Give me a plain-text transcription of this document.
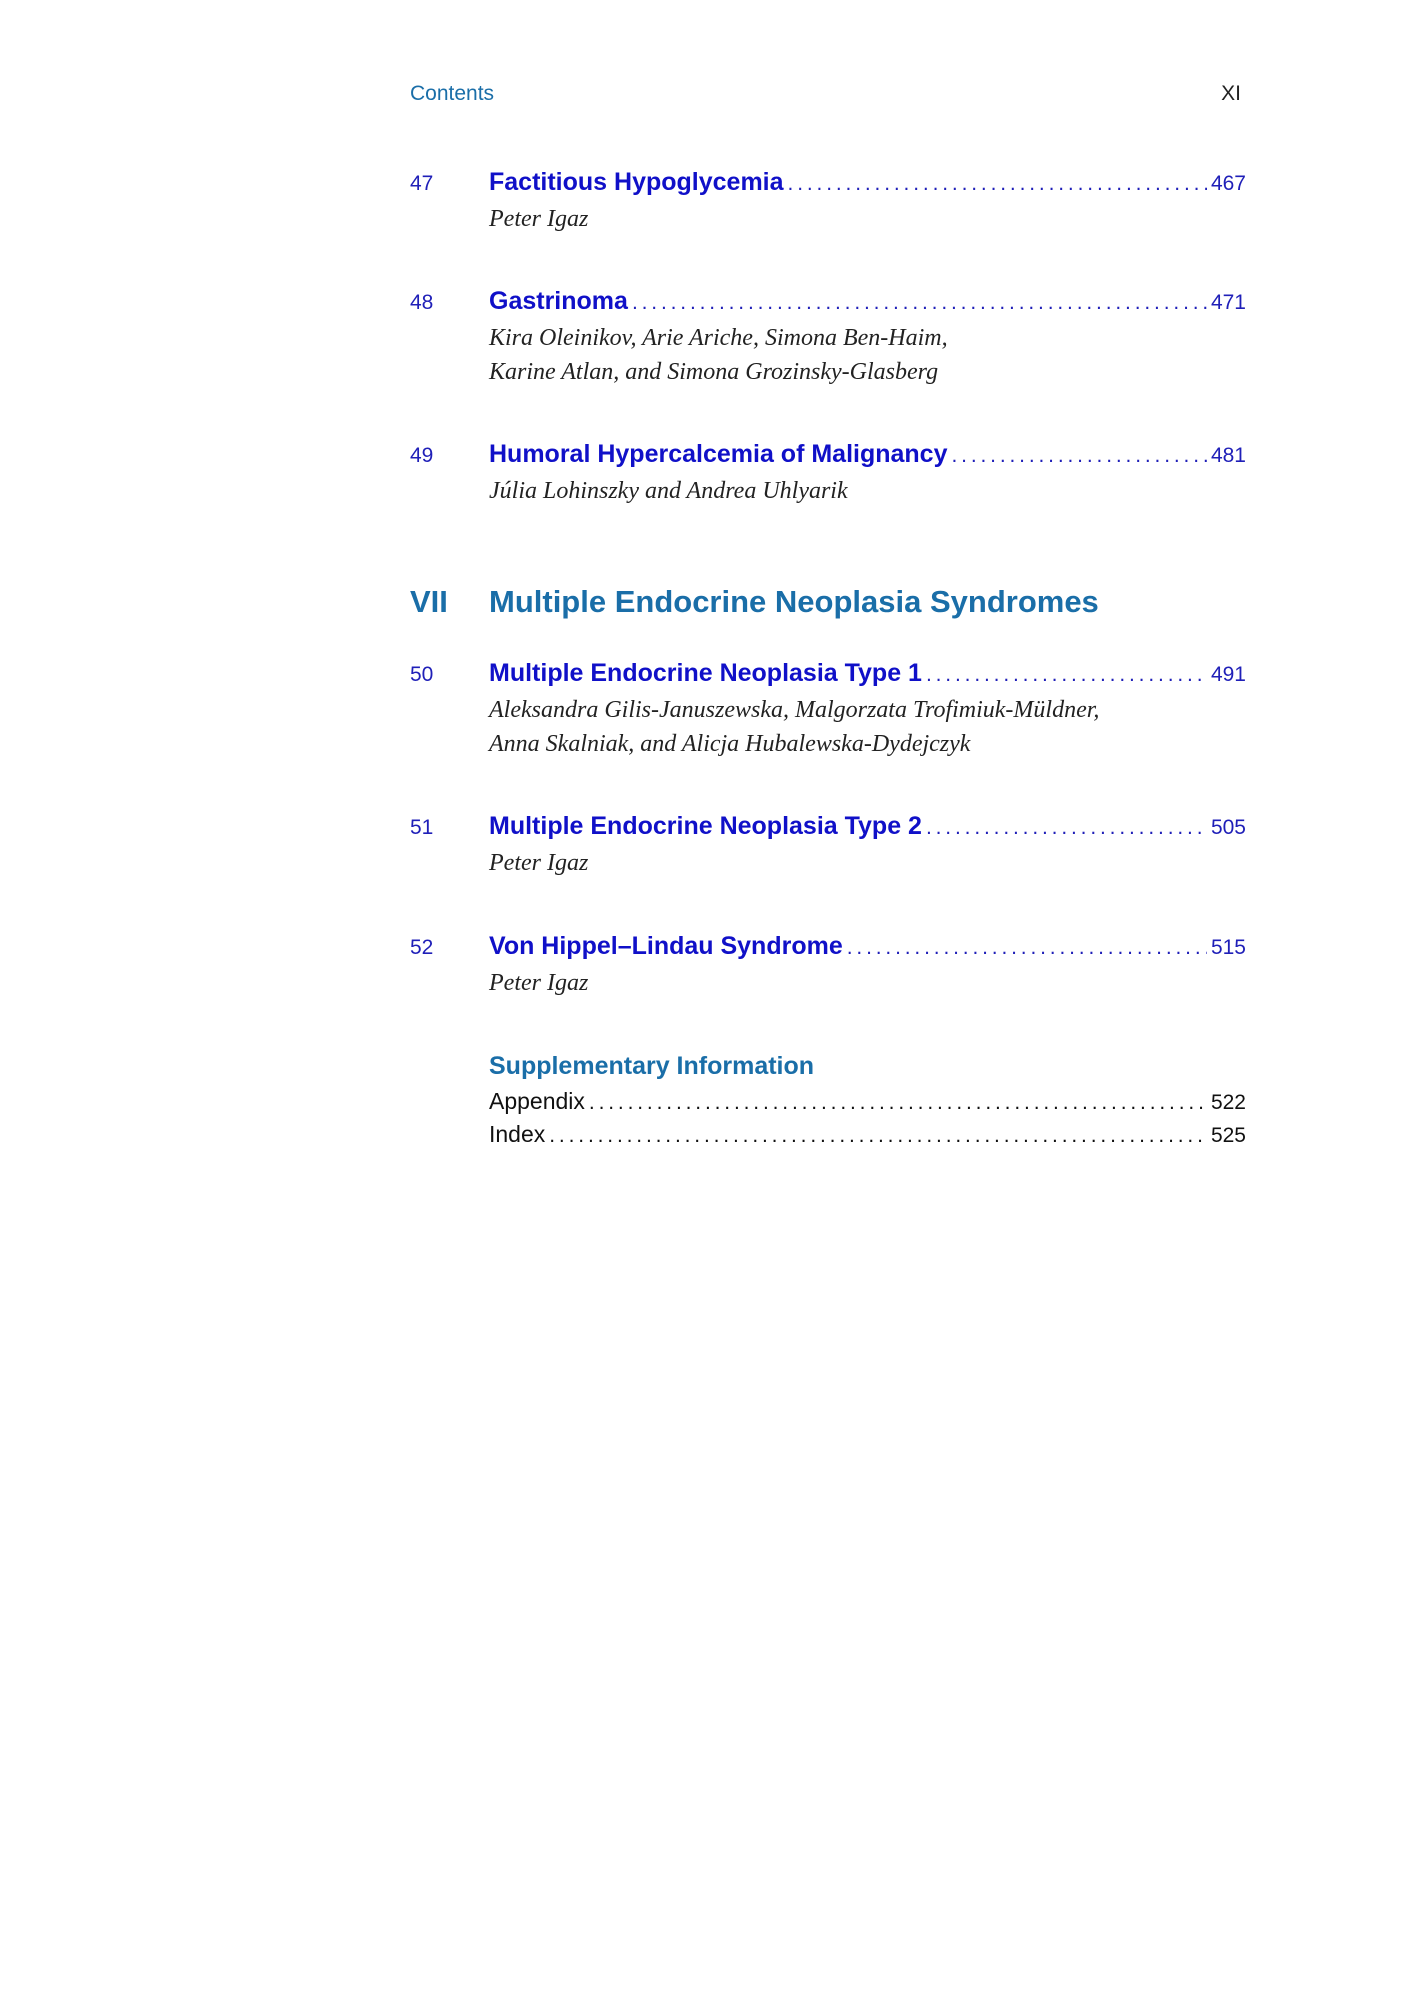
Contents	XI
47	Factitious Hypoglycemia . . .	467
Peter Igaz
48	Gastrinoma . . .	471
Kira Oleinikov, Arie Ariche, Simona Ben-Haim,
Karine Atlan, and Simona Grozinsky-Glasberg
49	Humoral Hypercalcemia of Malignancy . . .	481
Júlia Lohinszky and Andrea Uhlyarik
VII	Multiple Endocrine Neoplasia Syndromes
50	Multiple Endocrine Neoplasia Type 1 . . .	491
Aleksandra Gilis-Januszewska, Malgorzata Trofimiuk-Müldner,
Anna Skalniak, and Alicja Hubalewska-Dydejczyk
51	Multiple Endocrine Neoplasia Type 2 . . .	505
Peter Igaz
52	Von Hippel–Lindau Syndrome . . .	515
Peter Igaz
Supplementary Information
Appendix . . .	522
Index . . .	525
